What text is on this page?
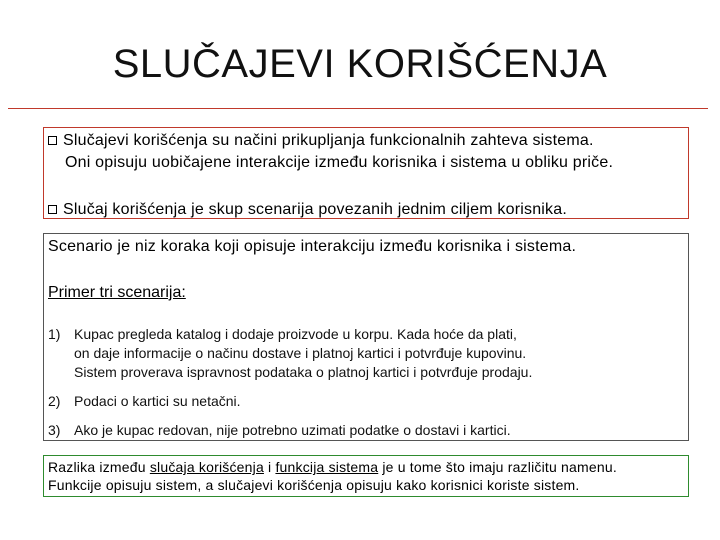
SLUČAJEVI KORIŠĆENJA
Slučajevi korišćenja su načini prikupljanja funkcionalnih zahteva sistema.
Oni opisuju uobičajene interakcije između korisnika i sistema u obliku priče.
Slučaj korišćenja je skup scenarija povezanih jednim ciljem korisnika.
Scenario je niz koraka koji opisuje interakciju između korisnika i sistema.
Primer tri scenarija:
1) Kupac pregleda katalog i dodaje proizvode u korpu. Kada hoće da plati,
on daje informacije o načinu dostave i platnoj kartici i potvrđuje kupovinu.
Sistem proverava ispravnost podataka o platnoj kartici i potvrđuje prodaju.
2) Podaci o kartici su netačni.
3) Ako je kupac redovan, nije potrebno uzimati podatke o dostavi i kartici.
Razlika između slučaja korišćenja i funkcija sistema je u tome što imaju različitu namenu.
Funkcije opisuju sistem, a slučajevi korišćenja opisuju kako korisnici koriste sistem.
